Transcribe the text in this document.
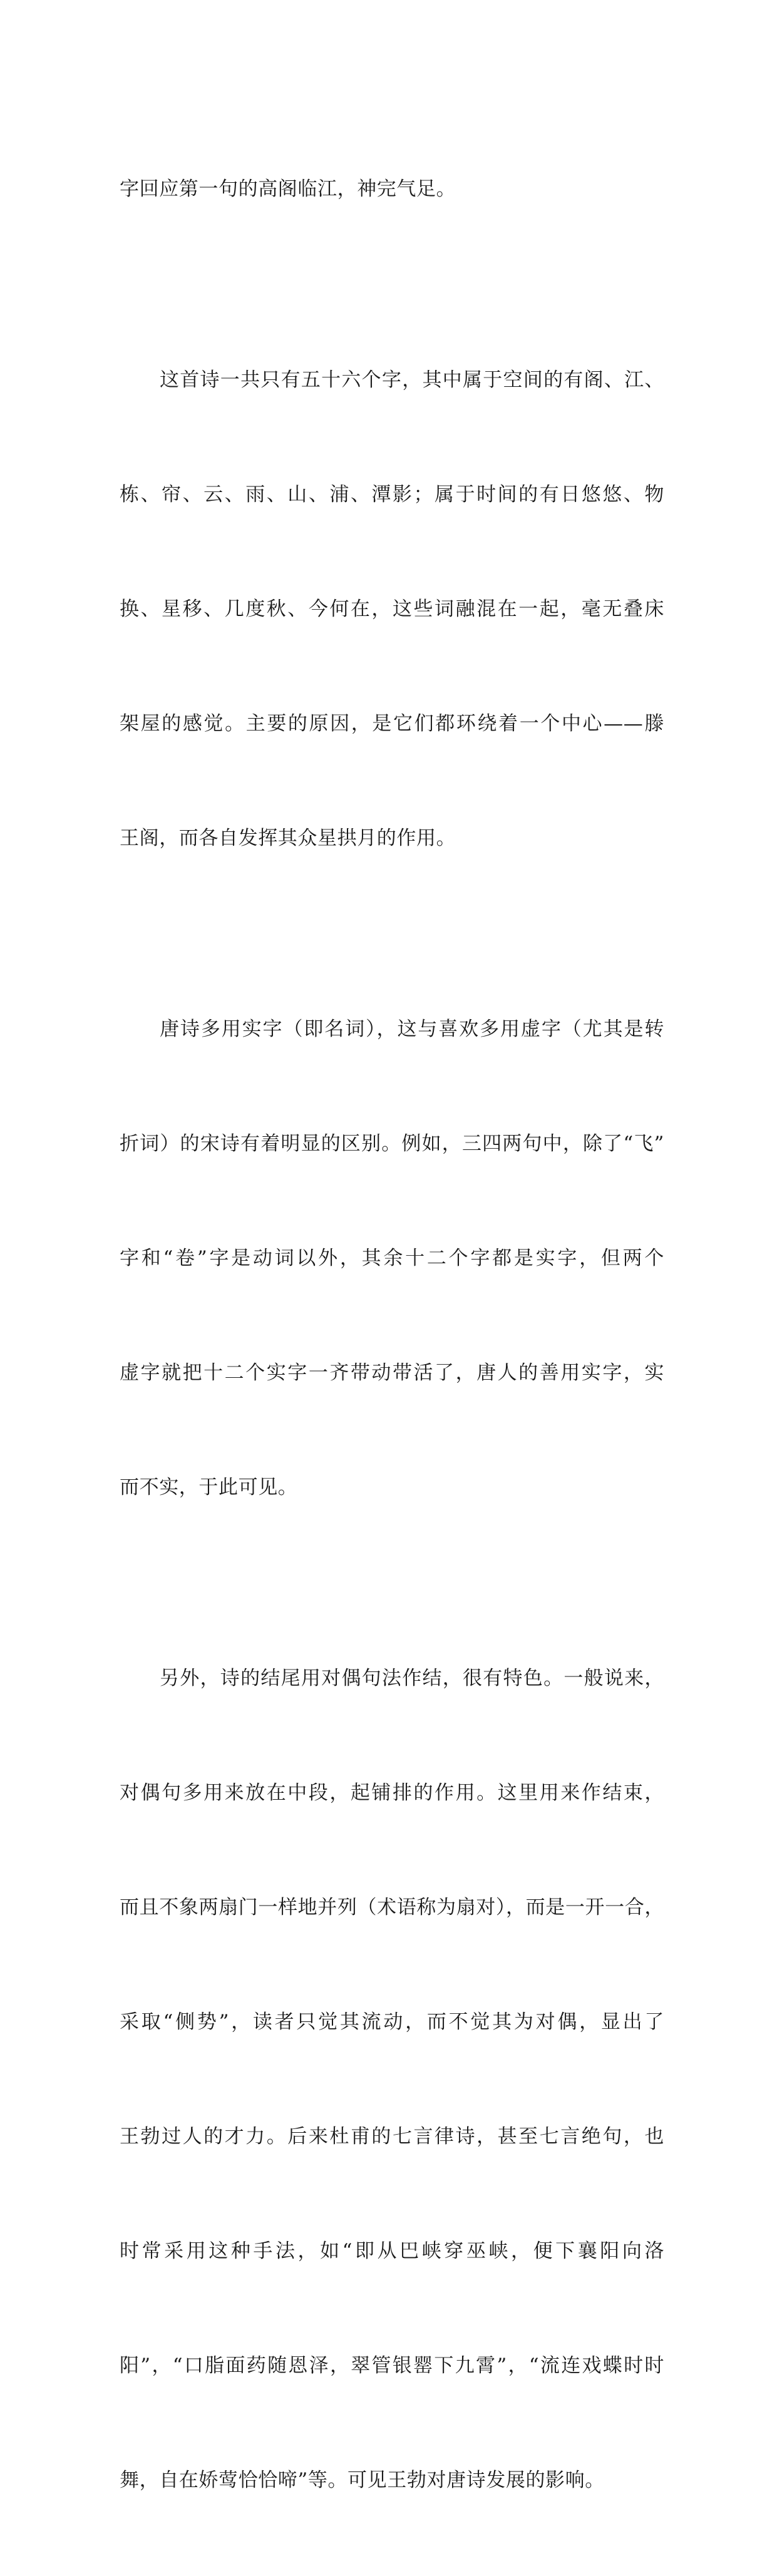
字回应第一句的高阁临江，神完气足。

这首诗一共只有五十六个字，其中属于空间的有阁、江、

栋、帘、云、雨、山、浦、潭影；属于时间的有日悠悠、物

换、星移、几度秋、今何在，这些词融混在一起，毫无叠床

架屋的感觉。主要的原因，是它们都环绕着一个中心——滕

王阁，而各自发挥其众星拱月的作用。

唐诗多用实字（即名词），这与喜欢多用虚字（尤其是转

折词）的宋诗有着明显的区别。例如，三四两句中，除了“飞”

字和“卷”字是动词以外，其余十二个字都是实字，但两个

虚字就把十二个实字一齐带动带活了，唐人的善用实字，实

而不实，于此可见。

另外，诗的结尾用对偶句法作结，很有特色。一般说来，

对偶句多用来放在中段，起铺排的作用。这里用来作结束，

而且不象两扇门一样地并列（术语称为扇对），而是一开一合，

采取“侧势”，读者只觉其流动，而不觉其为对偶，显出了

王勃过人的才力。后来杜甫的七言律诗，甚至七言绝句，也

时常采用这种手法，如“即从巴峡穿巫峡，便下襄阳向洛

阳”，“口脂面药随恩泽，翠管银罂下九霄”，“流连戏蝶时时

舞，自在娇莺恰恰啼”等。可见王勃对唐诗发展的影响。
